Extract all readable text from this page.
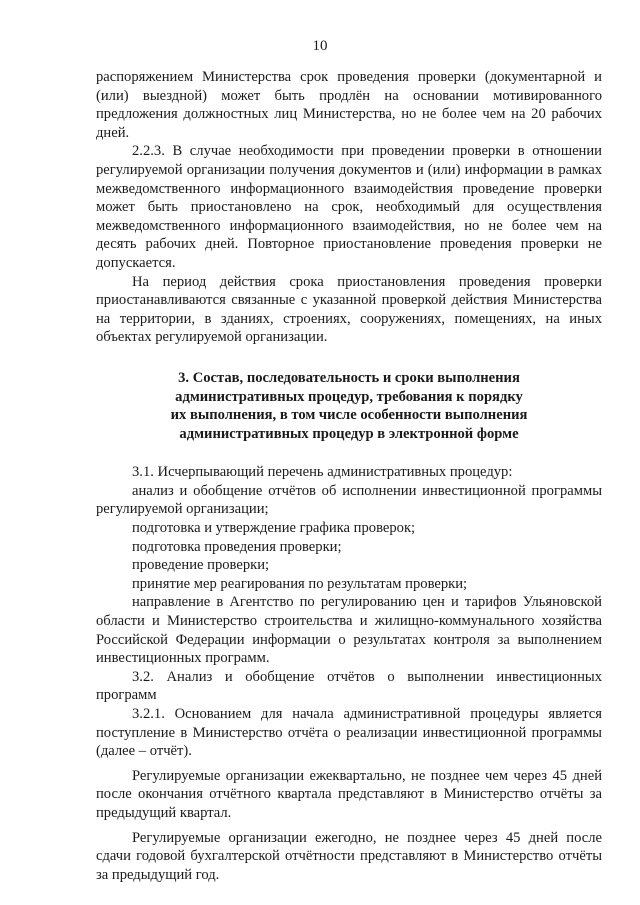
10

распоряжением Министерства срок проведения проверки (документарной и (или) выездной) может быть продлён на основании мотивированного предложения должностных лиц Министерства, но не более чем на 20 рабочих дней.

2.2.3. В случае необходимости при проведении проверки в отношении регулируемой организации получения документов и (или) информации в рамках межведомственного информационного взаимодействия проведение проверки может быть приостановлено на срок, необходимый для осуществления межведомственного информационного взаимодействия, но не более чем на десять рабочих дней. Повторное приостановление проведения проверки не допускается.

На период действия срока приостановления проведения проверки приостанавливаются связанные с указанной проверкой действия Министерства на территории, в зданиях, строениях, сооружениях, помещениях, на иных объектах регулируемой организации.

3. Состав, последовательность и сроки выполнения
административных процедур, требования к порядку
их выполнения, в том числе особенности выполнения
административных процедур в электронной форме

3.1. Исчерпывающий перечень административных процедур:

анализ и обобщение отчётов об исполнении инвестиционной программы регулируемой организации;

подготовка и утверждение графика проверок;

подготовка проведения проверки;

проведение проверки;

принятие мер реагирования по результатам проверки;

направление в Агентство по регулированию цен и тарифов Ульяновской области и Министерство строительства и жилищно-коммунального хозяйства Российской Федерации информации о результатах контроля за выполнением инвестиционных программ.

3.2. Анализ и обобщение отчётов о выполнении инвестиционных программ

3.2.1. Основанием для начала административной процедуры является поступление в Министерство отчёта о реализации инвестиционной программы (далее – отчёт).

Регулируемые организации ежеквартально, не позднее чем через 45 дней после окончания отчётного квартала представляют в Министерство отчёты за предыдущий квартал.

Регулируемые организации ежегодно, не позднее через 45 дней после сдачи годовой бухгалтерской отчётности представляют в Министерство отчёты за предыдущий год.
